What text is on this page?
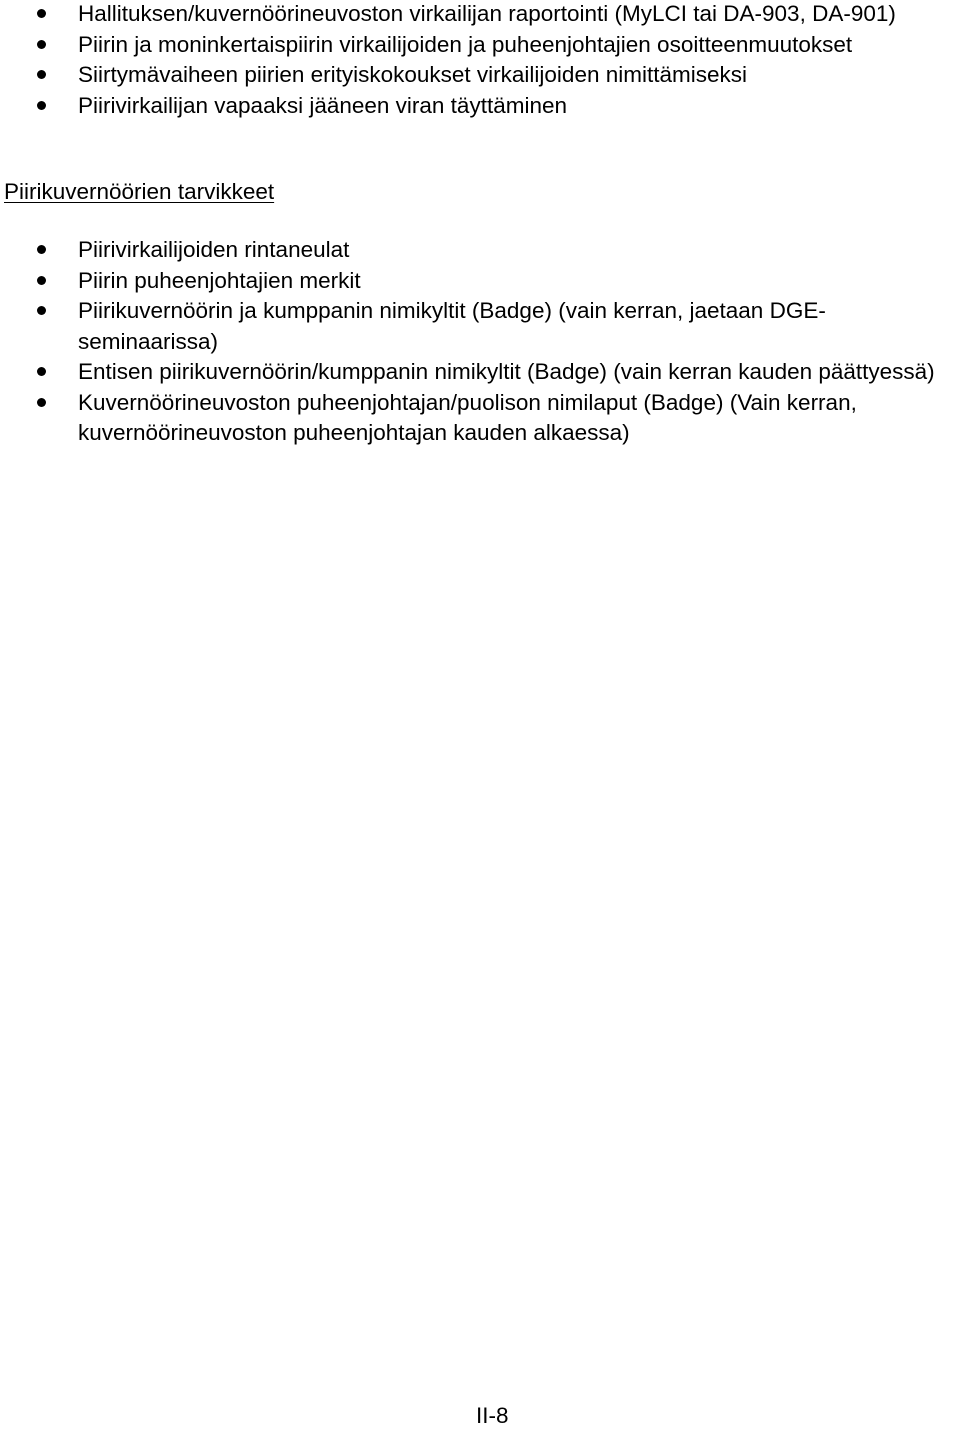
Hallituksen/kuvernöörineuvoston virkailijan raportointi (MyLCI tai DA-903, DA-901)
Piirin ja moninkertaispiirin virkailijoiden ja puheenjohtajien osoitteenmuutokset
Siirtymävaiheen piirien erityiskokoukset virkailijoiden nimittämiseksi
Piirivirkailijan vapaaksi jääneen viran täyttäminen
Piirikuvernöörien tarvikkeet
Piirivirkailijoiden rintaneulat
Piirin puheenjohtajien merkit
Piirikuvernöörin ja kumppanin nimikyltit (Badge) (vain kerran, jaetaan DGE-seminaarissa)
Entisen piirikuvernöörin/kumppanin nimikyltit (Badge) (vain kerran kauden päättyessä)
Kuvernöörineuvoston puheenjohtajan/puolison nimilaput (Badge) (Vain kerran, kuvernöörineuvoston puheenjohtajan kauden alkaessa)
II-8
